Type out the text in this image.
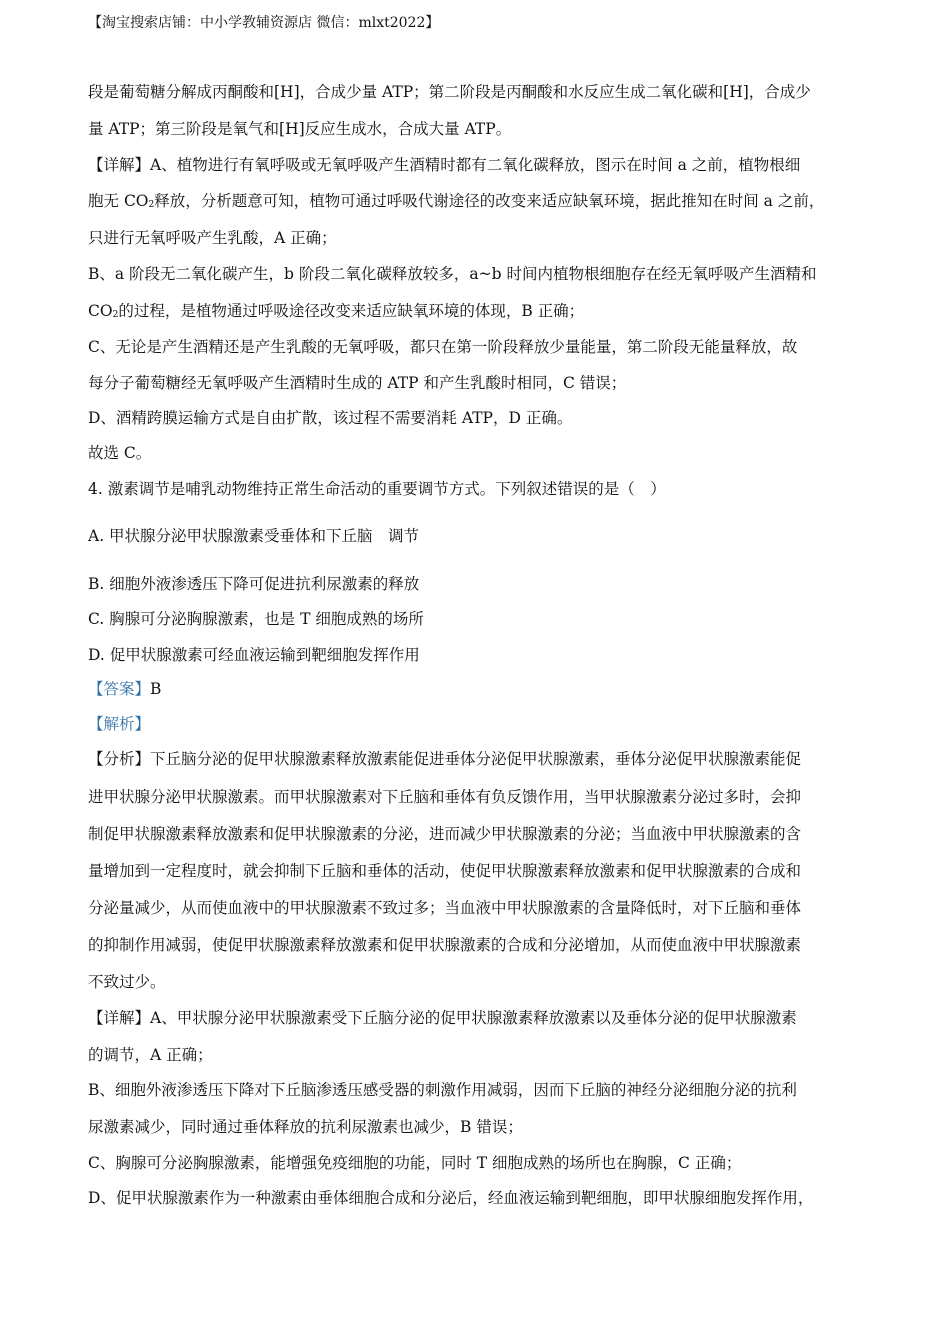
【淘宝搜索店铺：中小学教辅资源店 微信：mlxt2022】
段是葡萄糖分解成丙酮酸和[H]，合成少量 ATP；第二阶段是丙酮酸和水反应生成二氧化碳和[H]，合成少
量 ATP；第三阶段是氧气和[H]反应生成水，合成大量 ATP。
【详解】A、植物进行有氧呼吸或无氧呼吸产生酒精时都有二氧化碳释放，图示在时间 a 之前，植物根细
胞无 $CO_2$释放，分析题意可知，植物可通过呼吸代谢途径的改变来适应缺氧环境，据此推知在时间 a 之前，
只进行无氧呼吸产生乳酸，A 正确；
B、a 阶段无二氧化碳产生，b 阶段二氧化碳释放较多，a~b 时间内植物根细胞存在经无氧呼吸产生酒精和
$CO_2$的过程，是植物通过呼吸途径改变来适应缺氧环境的体现，B 正确；
C、无论是产生酒精还是产生乳酸的无氧呼吸，都只在第一阶段释放少量能量，第二阶段无能量释放，故
每分子葡萄糖经无氧呼吸产生酒精时生成的 ATP 和产生乳酸时相同，C 错误；
D、酒精跨膜运输方式是自由扩散，该过程不需要消耗 ATP，D 正确。
故选 C。
4. 激素调节是哺乳动物维持正常生命活动的重要调节方式。下列叙述错误的是（　）
A. 甲状腺分泌甲状腺激素受垂体和下丘脑　调节
B. 细胞外液渗透压下降可促进抗利尿激素的释放
C. 胸腺可分泌胸腺激素，也是 T 细胞成熟的场所
D. 促甲状腺激素可经血液运输到靶细胞发挥作用
【答案】B
【解析】
【分析】下丘脑分泌的促甲状腺激素释放激素能促进垂体分泌促甲状腺激素，垂体分泌促甲状腺激素能促
进甲状腺分泌甲状腺激素。而甲状腺激素对下丘脑和垂体有负反馈作用，当甲状腺激素分泌过多时，会抑
制促甲状腺激素释放激素和促甲状腺激素的分泌，进而减少甲状腺激素的分泌；当血液中甲状腺激素的含
量增加到一定程度时，就会抑制下丘脑和垂体的活动，使促甲状腺激素释放激素和促甲状腺激素的合成和
分泌量减少，从而使血液中的甲状腺激素不致过多；当血液中甲状腺激素的含量降低时，对下丘脑和垂体
的抑制作用减弱，使促甲状腺激素释放激素和促甲状腺激素的合成和分泌增加，从而使血液中甲状腺激素
不致过少。
【详解】A、甲状腺分泌甲状腺激素受下丘脑分泌的促甲状腺激素释放激素以及垂体分泌的促甲状腺激素
的调节，A 正确；
B、细胞外液渗透压下降对下丘脑渗透压感受器的刺激作用减弱，因而下丘脑的神经分泌细胞分泌的抗利
尿激素减少，同时通过垂体释放的抗利尿激素也减少，B 错误；
C、胸腺可分泌胸腺激素，能增强免疫细胞的功能，同时 T 细胞成熟的场所也在胸腺，C 正确；
D、促甲状腺激素作为一种激素由垂体细胞合成和分泌后，经血液运输到靶细胞，即甲状腺细胞发挥作用，
